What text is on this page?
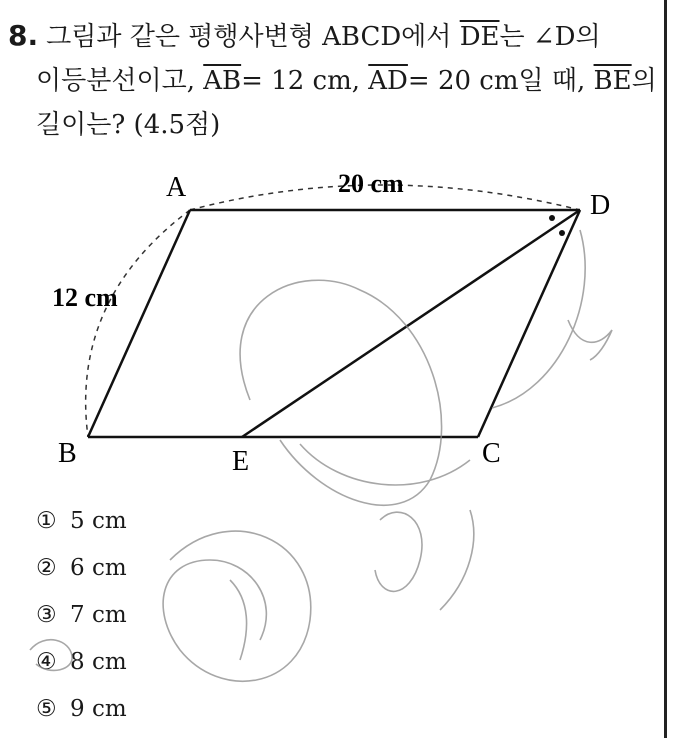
8. 그림과 같은 평행사변형 ABCD에서 $\overline{DE}$는 ∠D의
이등분선이고, $\overline{AB}= 12$ cm, $\overline{AD}= 20$ cm일 때, $\overline{BE}$의
길이는? (4.5점)
A
D
B	C
E
20 cm
12 cm
① 5 cm
② 6 cm
③ 7 cm
④ 8 cm
⑤ 9 cm
